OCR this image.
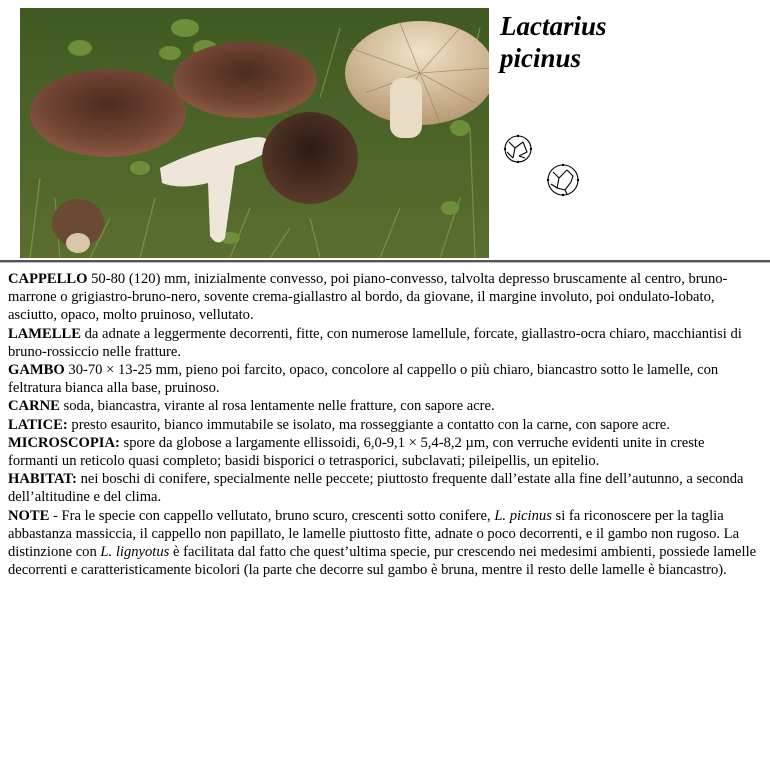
Lactarius
picinus

CAPPELLO 50-80 (120) mm, inizialmente convesso, poi piano-convesso, talvolta depresso bruscamente al centro, bruno-marrone o grigiastro-bruno-nero, sovente crema-giallastro al bordo, da giovane, il margine involuto, poi ondulato-lobato, asciutto, opaco, molto pruinoso, vellutato.

LAMELLE da adnate a leggermente decorrenti, fitte, con numerose lamellule, forcate, giallastro-ocra chiaro, macchiantisi di bruno-rossiccio nelle fratture.

GAMBO 30-70 × 13-25 mm, pieno poi farcito, opaco, concolore al cappello o più chiaro, biancastro sotto le lamelle, con feltratura bianca alla base, pruinoso.

CARNE soda, biancastra, virante al rosa lentamente nelle fratture, con sapore acre.

LATICE: presto esaurito, bianco immutabile se isolato, ma rosseggiante a contatto con la carne, con sapore acre.

MICROSCOPIA: spore da globose a largamente ellissoidi, 6,0-9,1 × 5,4-8,2 µm, con verruche evidenti unite in creste formanti un reticolo quasi completo; basidi bisporici o tetrasporici, subclavati; pileipellis, un epitelio.

HABITAT: nei boschi di conifere, specialmente nelle peccete; piuttosto frequente dall’estate alla fine dell’autunno, a seconda dell’altitudine e del clima.

NOTE - Fra le specie con cappello vellutato, bruno scuro, crescenti sotto conifere, L. picinus si fa riconoscere per la taglia abbastanza massiccia, il cappello non papillato, le lamelle piuttosto fitte, adnate o poco decorrenti, e il gambo non rugoso. La distinzione con L. lignyotus è facilitata dal fatto che quest’ultima specie, pur crescendo nei medesimi ambienti, possiede lamelle decorrenti e caratteristicamente bicolori (la parte che decorre sul gambo è bruna, mentre il resto delle lamelle è biancastro).
